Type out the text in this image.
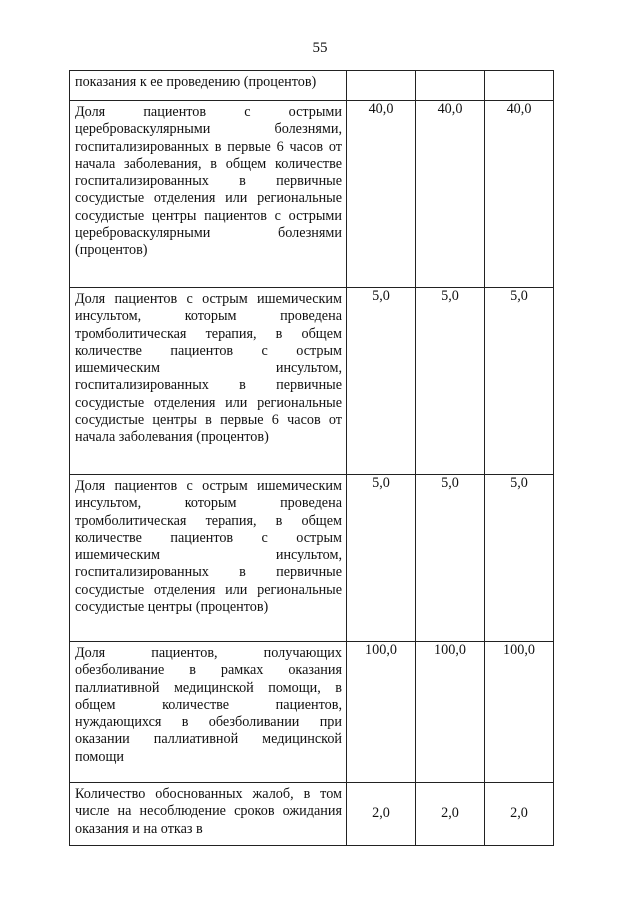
55
показания к ее проведению (процентов)			

Доля пациентов с острыми цереброваскулярными болезнями, госпитализированных в первые 6 часов от начала заболевания, в общем количестве госпитализированных в первичные сосудистые отделения или региональные сосудистые центры пациентов с острыми цереброваскулярными болезнями (процентов)	40,0	40,0	40,0

Доля пациентов с острым ишемическим инсультом, которым проведена тромболитическая терапия, в общем количестве пациентов с острым ишемическим инсультом, госпитализированных в первичные сосудистые отделения или региональные сосудистые центры в первые 6 часов от начала заболевания (процентов)	5,0	5,0	5,0

Доля пациентов с острым ишемическим инсультом, которым проведена тромболитическая терапия, в общем количестве пациентов с острым ишемическим инсультом, госпитализированных в первичные сосудистые отделения или региональные сосудистые центры (процентов)	5,0	5,0	5,0

Доля пациентов, получающих обезболивание в рамках оказания паллиативной медицинской помощи, в общем количестве пациентов, нуждающихся в обезболивании при оказании паллиативной медицинской помощи	100,0	100,0	100,0

Количество обоснованных жалоб, в том числе на несоблюдение сроков ожидания оказания и на отказ в	2,0	2,0	2,0
